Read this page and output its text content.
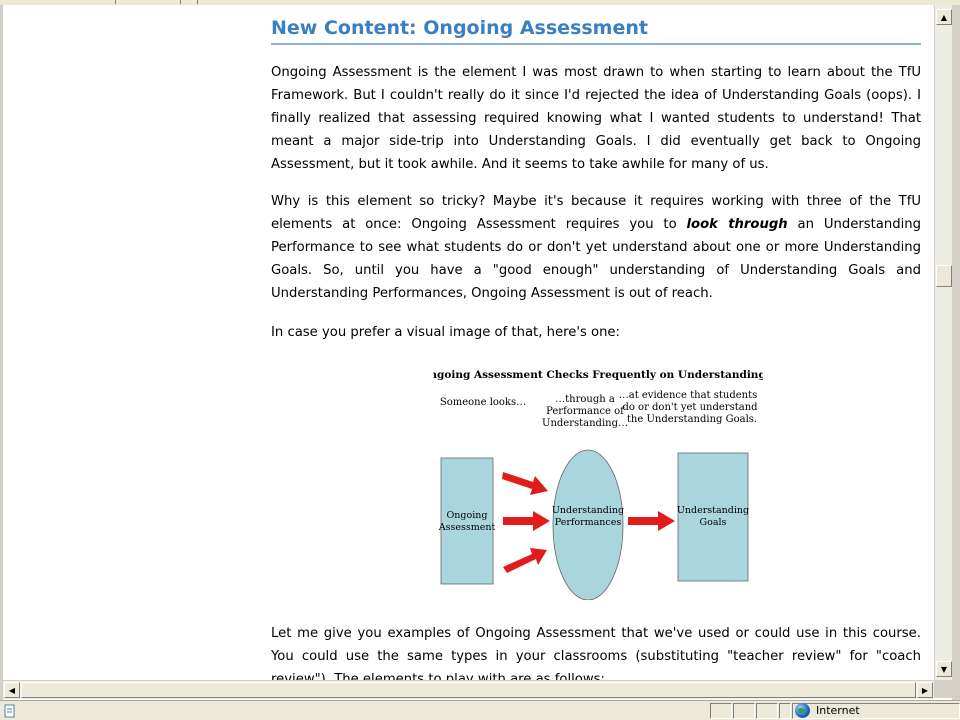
New Content: Ongoing Assessment

Ongoing Assessment is the element I was most drawn to when starting to learn about the TfU Framework. But I couldn't really do it since I'd rejected the idea of Understanding Goals (oops). I finally realized that assessing required knowing what I wanted students to understand! That meant a major side-trip into Understanding Goals. I did eventually get back to Ongoing Assessment, but it took awhile. And it seems to take awhile for many of us.

Why is this element so tricky? Maybe it's because it requires working with three of the TfU elements at once: Ongoing Assessment requires you to look through an Understanding Performance to see what students do or don't yet understand about one or more Understanding Goals. So, until you have a "good enough" understanding of Understanding Goals and Understanding Performances, Ongoing Assessment is out of reach.

In case you prefer a visual image of that, here's one:

Let me give you examples of Ongoing Assessment that we've used or could use in this course. You could use the same types in your classrooms (substituting "teacher review" for "coach

Ongoing Assessment Checks Frequently on Understanding
Someone looks…	…through a
Performance of
Understanding…
…at evidence that students
do or don't yet understand
the Understanding Goals.
Ongoing
Assessment
Understanding
Performances
Understanding
Goals
▲
▼
◀	▶
Internet
